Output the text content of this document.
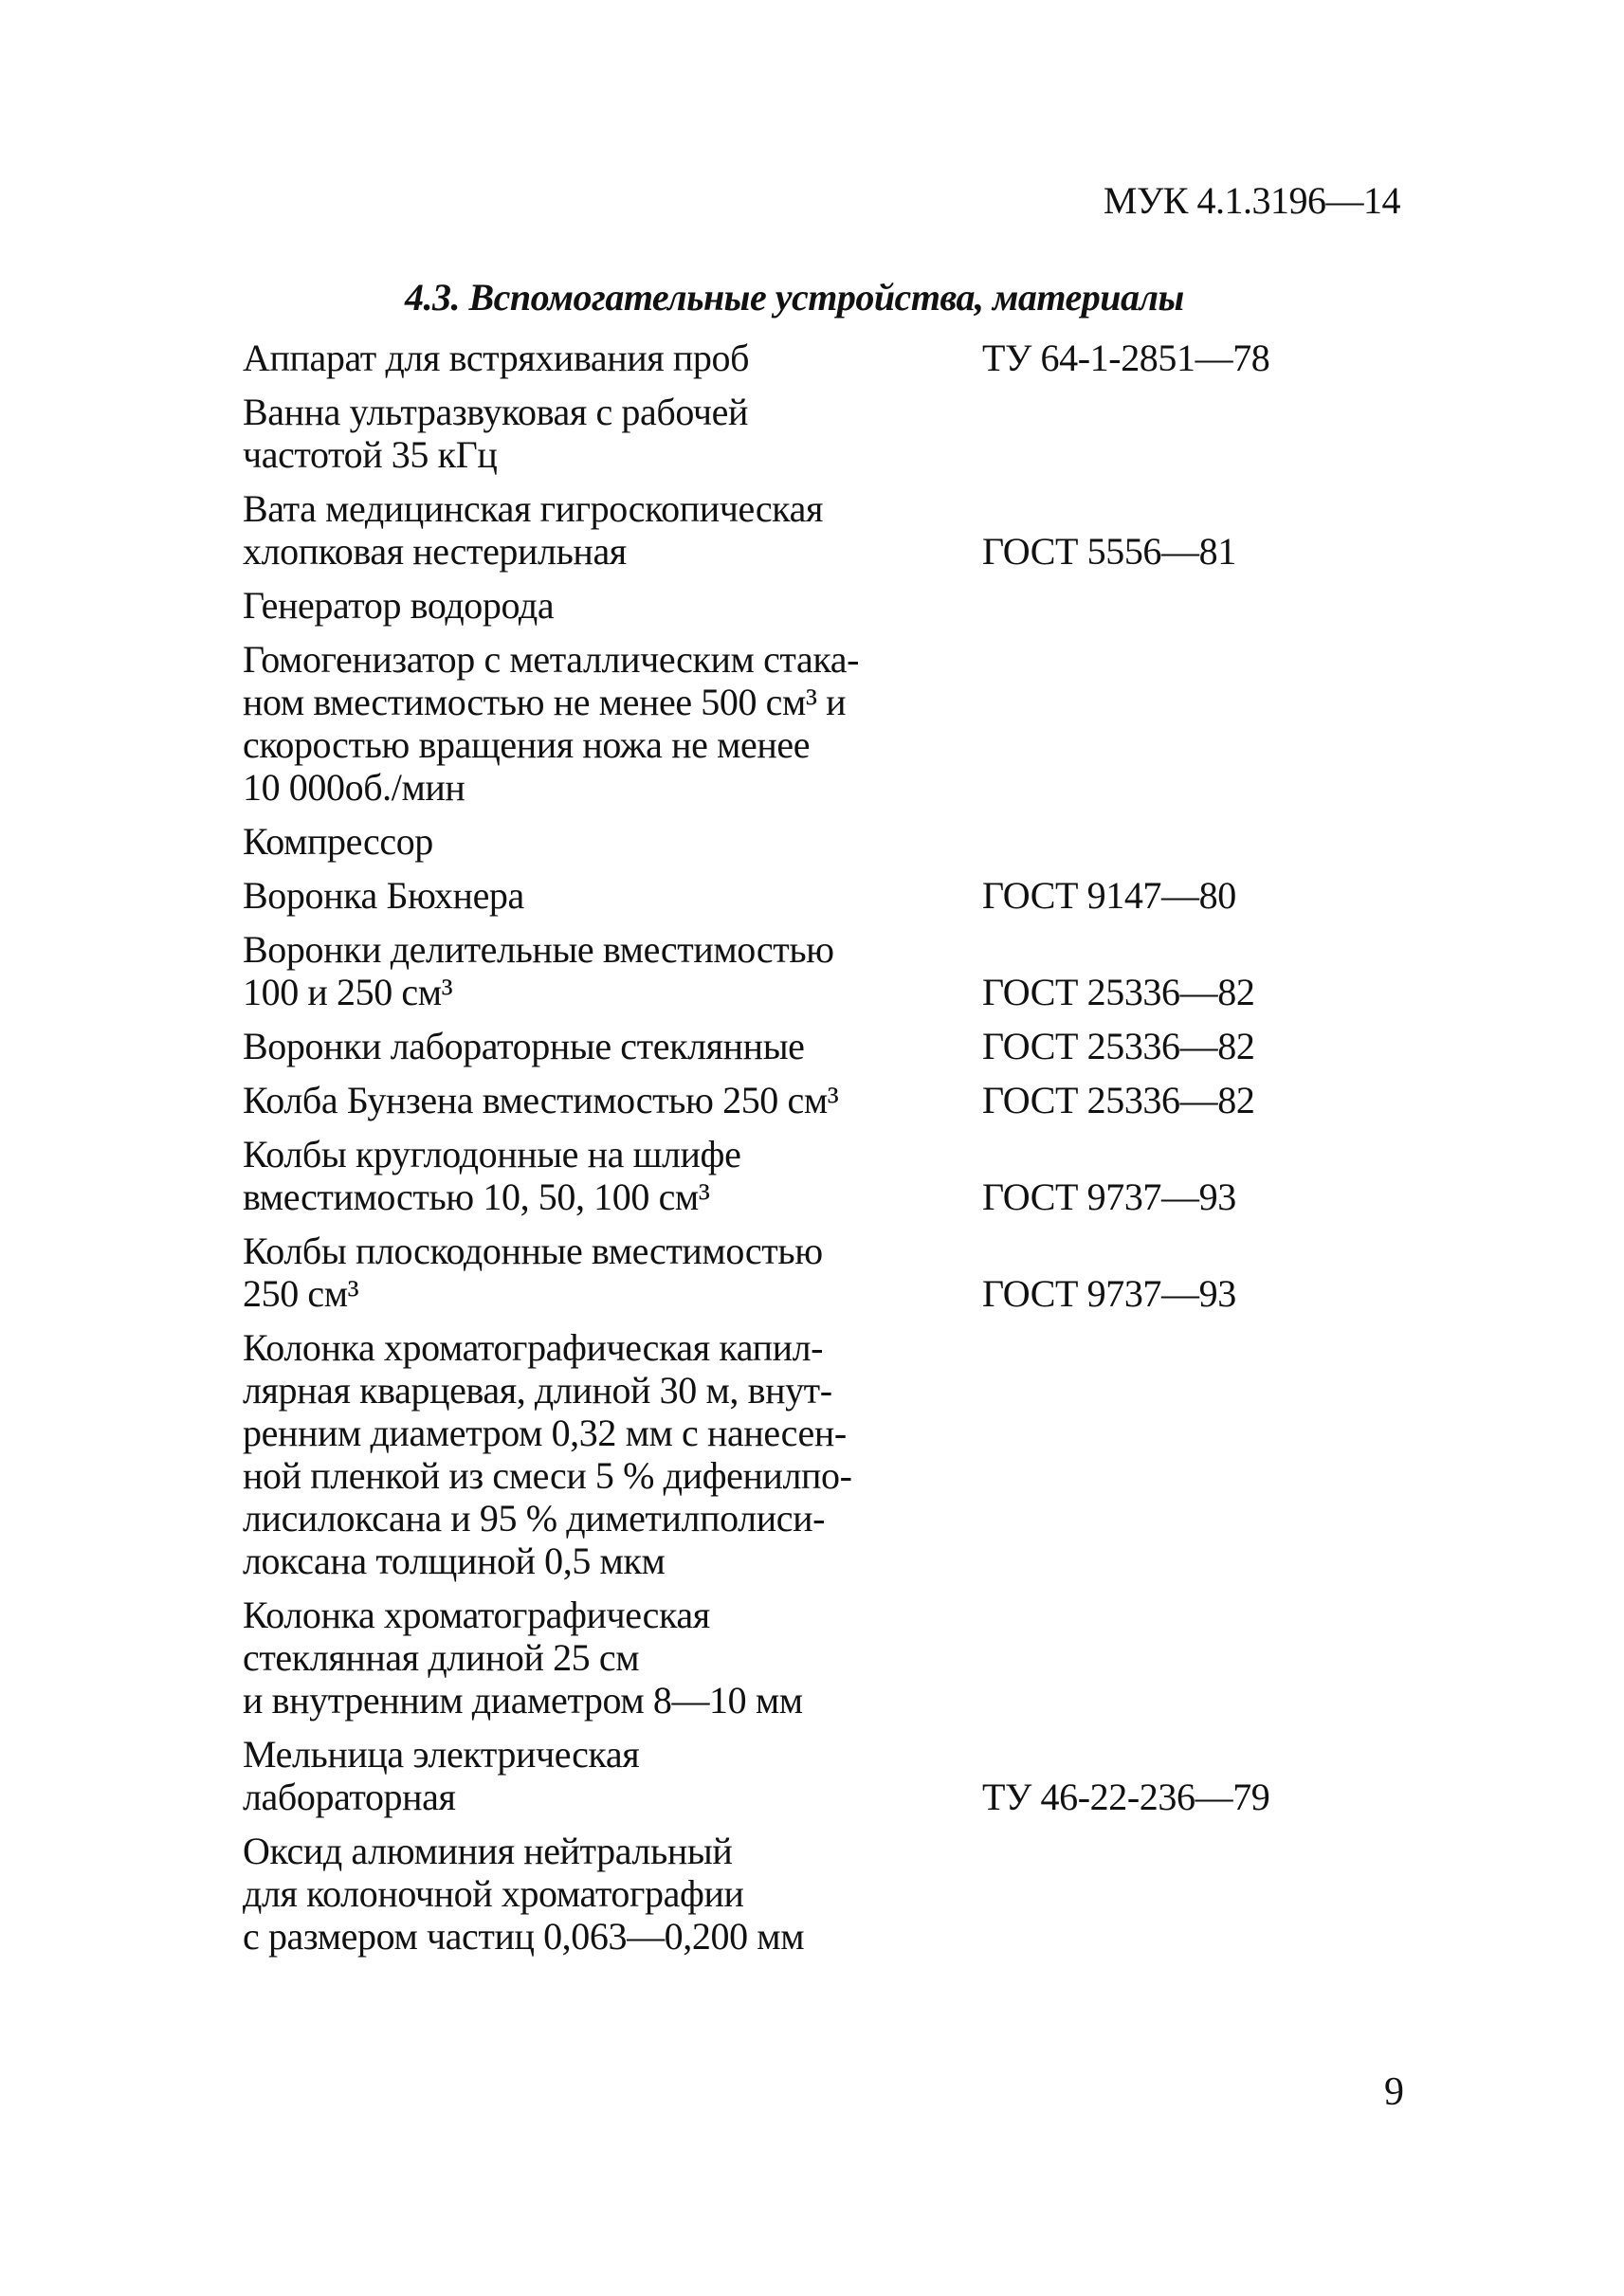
МУК 4.1.3196—14
4.3. Вспомогательные устройства, материалы
Аппарат для встряхивания проб	ТУ 64-1-2851—78
Ванна ультразвуковая с рабочей
частотой 35 кГц
Вата медицинская гигроскопическая
хлопковая нестерильная	ГОСТ 5556—81
Генератор водорода
Гомогенизатор с металлическим стака-
ном вместимостью не менее 500 см³ и
скоростью вращения ножа не менее
10 000об./мин
Компрессор
Воронка Бюхнера	ГОСТ 9147—80
Воронки делительные вместимостью
100 и 250 см³	ГОСТ 25336—82
Воронки лабораторные стеклянные	ГОСТ 25336—82
Колба Бунзена вместимостью 250 см³	ГОСТ 25336—82
Колбы круглодонные на шлифе
вместимостью 10, 50, 100 см³	ГОСТ 9737—93
Колбы плоскодонные вместимостью
250 см³	ГОСТ 9737—93
Колонка хроматографическая капил-
лярная кварцевая, длиной 30 м, внут-
ренним диаметром 0,32 мм с нанесен-
ной пленкой из смеси 5 % дифенилпо-
лисилоксана и 95 % диметилполиси-
локсана толщиной 0,5 мкм
Колонка хроматографическая
стеклянная длиной 25 см
и внутренним диаметром 8—10 мм
Мельница электрическая
лабораторная	ТУ 46-22-236—79
Оксид алюминия нейтральный
для колоночной хроматографии
с размером частиц 0,063—0,200 мм
9
